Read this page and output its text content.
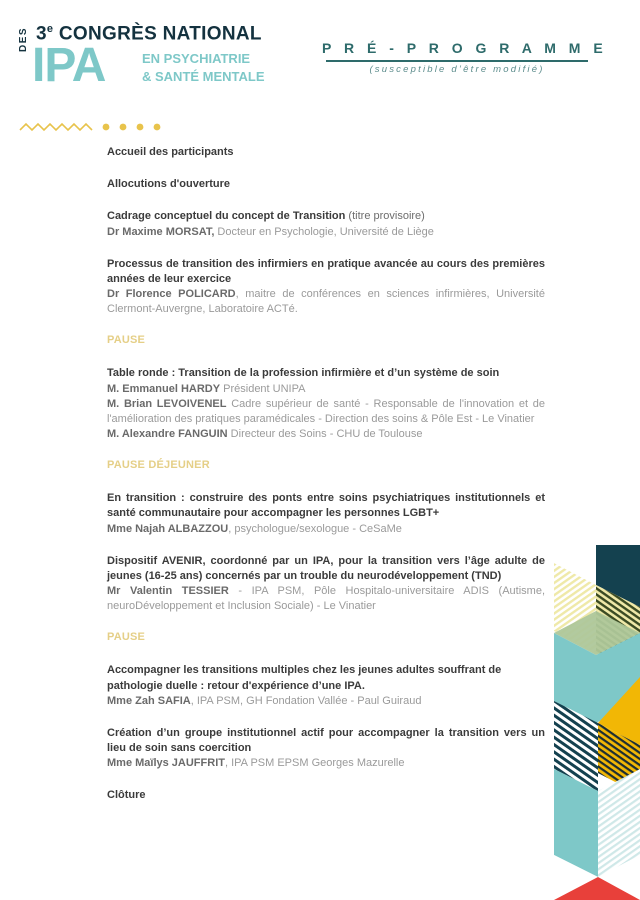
3e CONGRÈS NATIONAL
DES IPA	EN PSYCHIATRIE
& SANTÉ MENTALE
P R É - P R O G R A M M E
(susceptible d’être modifié)
Accueil des participants
Allocutions d'ouverture
Cadrage conceptuel du concept de Transition (titre provisoire)
Dr Maxime MORSAT, Docteur en Psychologie, Université de Liège
Processus de transition des infirmiers en pratique avancée au cours des premières années de leur exercice
Dr Florence POLICARD, maitre de conférences en sciences infirmières, Université Clermont-Auvergne, Laboratoire ACTé.
PAUSE
Table ronde : Transition de la profession infirmière et d’un système de soin
M. Emmanuel HARDY Président UNIPA
M. Brian LEVOIVENEL Cadre supérieur de santé - Responsable de l'innovation et de l'amélioration des pratiques paramédicales - Direction des soins & Pôle Est - Le Vinatier
M. Alexandre FANGUIN Directeur des Soins - CHU de Toulouse
PAUSE DÉJEUNER
En transition : construire des ponts entre soins psychiatriques institutionnels et santé communautaire pour accompagner les personnes LGBT+
Mme Najah ALBAZZOU, psychologue/sexologue - CeSaMe
Dispositif AVENIR, coordonné par un IPA, pour la transition vers l’âge adulte de jeunes (16-25 ans) concernés par un trouble du neurodéveloppement (TND)
Mr Valentin TESSIER - IPA PSM, Pôle Hospitalo-universitaire ADIS (Autisme, neuroDéveloppement et Inclusion Sociale) - Le Vinatier
PAUSE
Accompagner les transitions multiples chez les jeunes adultes souffrant de pathologie duelle : retour d'expérience d’une IPA.
Mme Zah SAFIA, IPA PSM, GH Fondation Vallée - Paul Guiraud
Création d’un groupe institutionnel actif pour accompagner la transition vers un lieu de soin sans coercition
Mme Maïlys JAUFFRIT, IPA PSM EPSM Georges Mazurelle
Clôture
